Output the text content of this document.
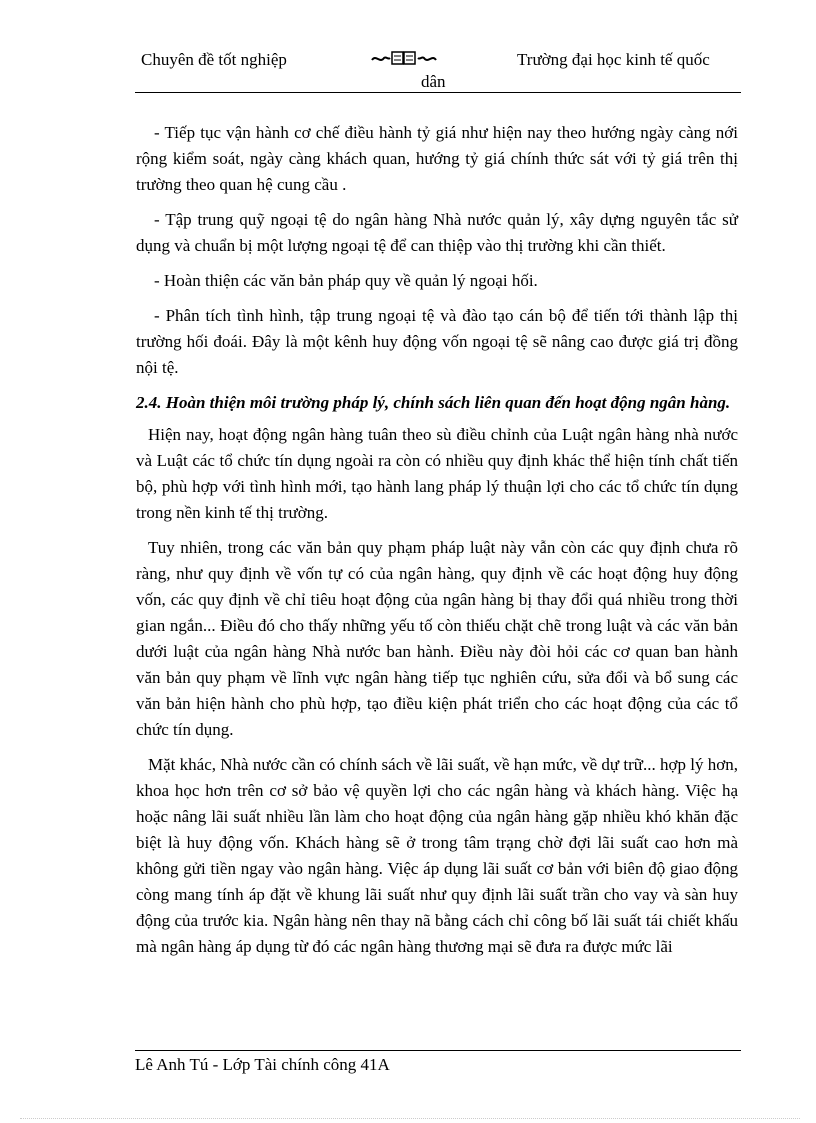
Chuyên đề tốt nghiệp	Trường đại học kinh tế quốc
dân

- Tiếp tục vận hành cơ chế điều hành tỷ giá như hiện nay theo hướng ngày càng nới rộng kiểm soát, ngày càng khách quan, hướng tỷ giá chính thức sát với tỷ giá trên thị trường theo quan hệ cung cầu .

- Tập trung quỹ ngoại tệ do ngân hàng Nhà nước quản lý, xây dựng nguyên tắc sử dụng và chuẩn bị một lượng ngoại tệ để can thiệp vào thị trường khi cần thiết.

- Hoàn thiện các văn bản pháp quy về quản lý ngoại hối.

- Phân tích tình hình, tập trung ngoại tệ và đào tạo cán bộ để tiến tới thành lập thị trường hối đoái. Đây là một kênh huy động vốn ngoại tệ sẽ nâng cao được giá trị đồng nội tệ.

2.4. Hoàn thiện môi trường pháp lý, chính sách liên quan đến hoạt động ngân hàng.

Hiện nay, hoạt động ngân hàng tuân theo sù điều chỉnh của Luật ngân hàng nhà nước và Luật các tổ chức tín dụng ngoài ra còn có nhiều quy định khác thể hiện tính chất tiến bộ, phù hợp với tình hình mới, tạo hành lang pháp lý thuận lợi cho các tổ chức tín dụng trong nền kinh tế thị trường.

Tuy nhiên, trong các văn bản quy phạm pháp luật này vẫn còn các quy định chưa rõ ràng, như quy định về vốn tự có của ngân hàng, quy định về các hoạt động huy động vốn, các quy định về chỉ tiêu hoạt động của ngân hàng bị thay đổi quá nhiều trong thời gian ngắn... Điều đó cho thấy những yếu tố còn thiếu chặt chẽ trong luật và các văn bản dưới luật của ngân hàng Nhà nước ban hành. Điều này đòi hỏi các cơ quan ban hành văn bản quy phạm về lĩnh vực ngân hàng tiếp tục nghiên cứu, sửa đổi và bổ sung các văn bản hiện hành cho phù hợp, tạo điều kiện phát triển cho các hoạt động của các tổ chức tín dụng.

Mặt khác, Nhà nước cần có chính sách về lãi suất, về hạn mức, về dự trữ... hợp lý hơn, khoa học hơn trên cơ sở bảo vệ quyền lợi cho các ngân hàng và khách hàng. Việc hạ hoặc nâng lãi suất nhiều lần làm cho hoạt động của ngân hàng gặp nhiều khó khăn đặc biệt là huy động vốn. Khách hàng sẽ ở trong tâm trạng chờ đợi lãi suất cao hơn mà không gửi tiền ngay vào ngân hàng. Việc áp dụng lãi suất cơ bản với biên độ giao động còng mang tính áp đặt về khung lãi suất như quy định lãi suất trần cho vay và sàn huy động của trước kia. Ngân hàng nên thay nã bằng cách chỉ công bố lãi suất tái chiết khấu mà ngân hàng áp dụng từ đó các ngân hàng thương mại sẽ đưa ra được mức lãi

Lê Anh Tú - Lớp Tài chính công 41A
